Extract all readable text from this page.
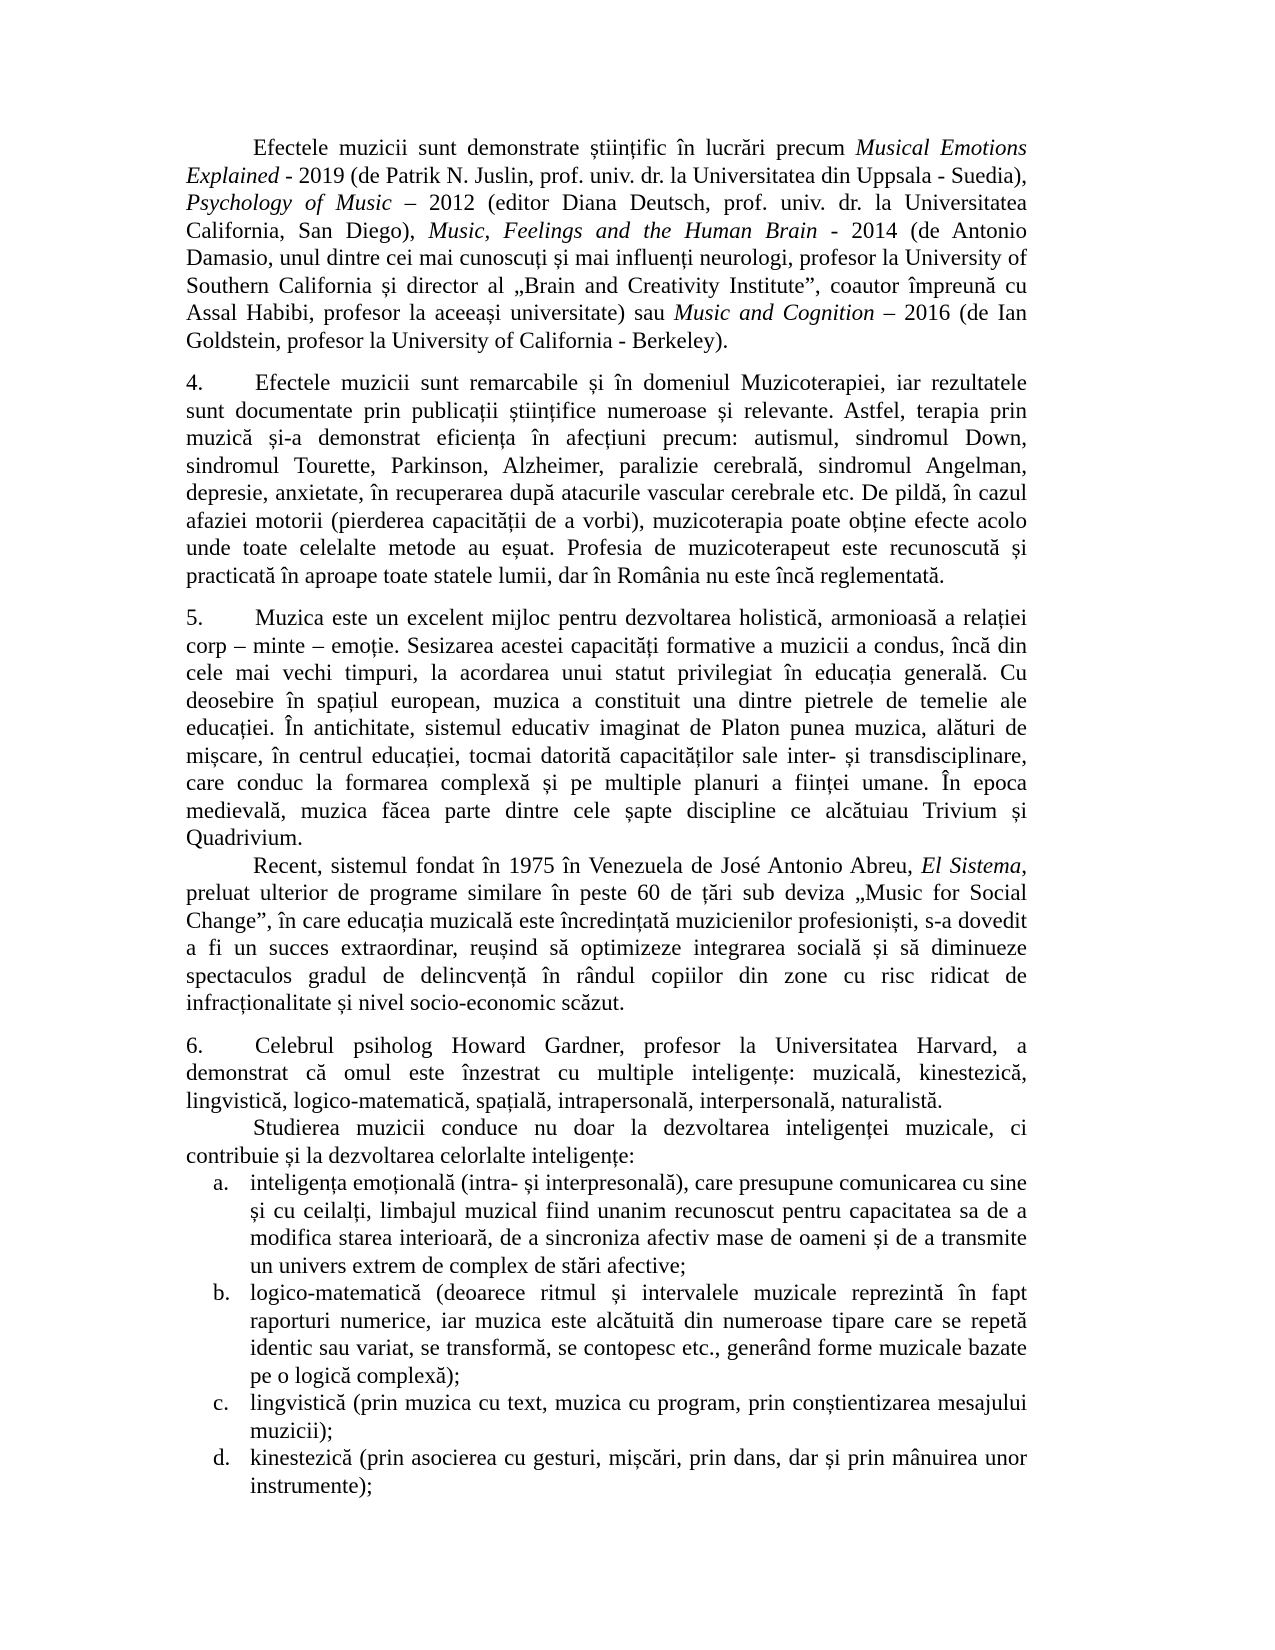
Efectele muzicii sunt demonstrate științific în lucrări precum Musical Emotions Explained - 2019 (de Patrik N. Juslin, prof. univ. dr. la Universitatea din Uppsala - Suedia), Psychology of Music – 2012 (editor Diana Deutsch, prof. univ. dr. la Universitatea California, San Diego), Music, Feelings and the Human Brain - 2014 (de Antonio Damasio, unul dintre cei mai cunoscuți și mai influenți neurologi, profesor la University of Southern California și director al „Brain and Creativity Institute”, coautor împreună cu Assal Habibi, profesor la aceeași universitate) sau Music and Cognition – 2016 (de Ian Goldstein, profesor la University of California - Berkeley).

4. Efectele muzicii sunt remarcabile și în domeniul Muzicoterapiei, iar rezultatele sunt documentate prin publicații științifice numeroase și relevante. Astfel, terapia prin muzică și-a demonstrat eficiența în afecțiuni precum: autismul, sindromul Down, sindromul Tourette, Parkinson, Alzheimer, paralizie cerebrală, sindromul Angelman, depresie, anxietate, în recuperarea după atacurile vascular cerebrale etc. De pildă, în cazul afaziei motorii (pierderea capacității de a vorbi), muzicoterapia poate obține efecte acolo unde toate celelalte metode au eșuat. Profesia de muzicoterapeut este recunoscută și practicată în aproape toate statele lumii, dar în România nu este încă reglementată.

5. Muzica este un excelent mijloc pentru dezvoltarea holistică, armonioasă a relației corp – minte – emoție. Sesizarea acestei capacități formative a muzicii a condus, încă din cele mai vechi timpuri, la acordarea unui statut privilegiat în educația generală. Cu deosebire în spațiul european, muzica a constituit una dintre pietrele de temelie ale educației. În antichitate, sistemul educativ imaginat de Platon punea muzica, alături de mișcare, în centrul educației, tocmai datorită capacităților sale inter- și transdisciplinare, care conduc la formarea complexă și pe multiple planuri a ființei umane. În epoca medievală, muzica făcea parte dintre cele șapte discipline ce alcătuiau Trivium și Quadrivium.

Recent, sistemul fondat în 1975 în Venezuela de José Antonio Abreu, El Sistema, preluat ulterior de programe similare în peste 60 de țări sub deviza „Music for Social Change”, în care educația muzicală este încredințată muzicienilor profesioniști, s-a dovedit a fi un succes extraordinar, reușind să optimizeze integrarea socială și să diminueze spectaculos gradul de delincvență în rândul copiilor din zone cu risc ridicat de infracționalitate și nivel socio-economic scăzut.

6. Celebrul psiholog Howard Gardner, profesor la Universitatea Harvard, a demonstrat că omul este înzestrat cu multiple inteligențe: muzicală, kinestezică, lingvistică, logico-matematică, spațială, intrapersonală, interpersonală, naturalistă.

Studierea muzicii conduce nu doar la dezvoltarea inteligenței muzicale, ci contribuie și la dezvoltarea celorlalte inteligențe:

a. inteligența emoțională (intra- și interpresonală), care presupune comunicarea cu sine și cu ceilalți, limbajul muzical fiind unanim recunoscut pentru capacitatea sa de a modifica starea interioară, de a sincroniza afectiv mase de oameni și de a transmite un univers extrem de complex de stări afective;
b. logico-matematică (deoarece ritmul și intervalele muzicale reprezintă în fapt raporturi numerice, iar muzica este alcătuită din numeroase tipare care se repetă identic sau variat, se transformă, se contopesc etc., generând forme muzicale bazate pe o logică complexă);
c. lingvistică (prin muzica cu text, muzica cu program, prin conștientizarea mesajului muzicii);
d. kinestezică (prin asocierea cu gesturi, mișcări, prin dans, dar și prin mânuirea unor instrumente);
